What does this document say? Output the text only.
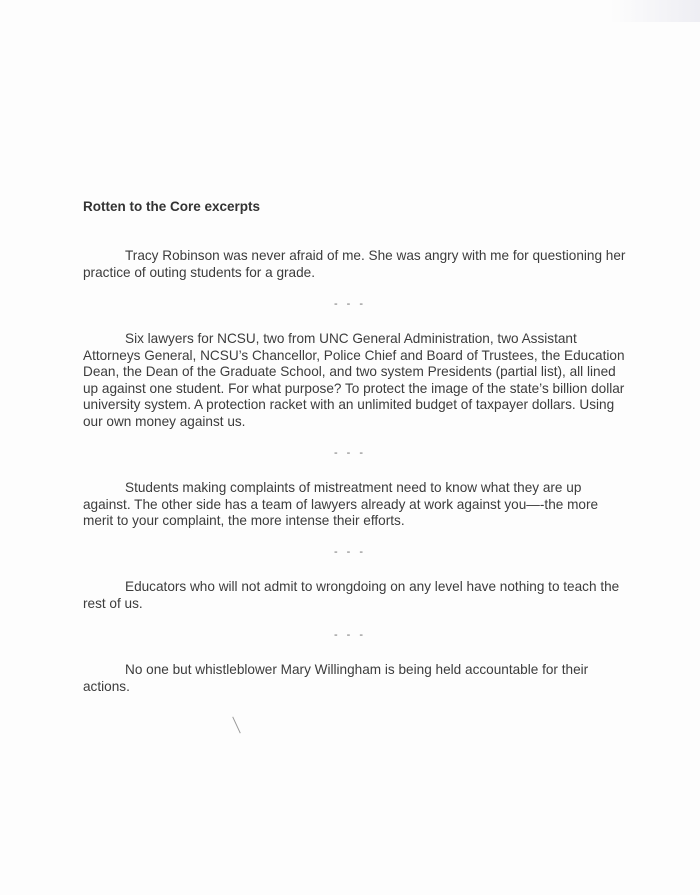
Rotten to the Core excerpts

Tracy Robinson was never afraid of me. She was angry with me for questioning her practice of outing students for a grade.

- - -

Six lawyers for NCSU, two from UNC General Administration, two Assistant Attorneys General, NCSU’s Chancellor, Police Chief and Board of Trustees, the Education Dean, the Dean of the Graduate School, and two system Presidents (partial list), all lined up against one student. For what purpose? To protect the image of the state’s billion dollar university system. A protection racket with an unlimited budget of taxpayer dollars. Using our own money against us.

- - -

Students making complaints of mistreatment need to know what they are up against. The other side has a team of lawyers already at work against you—-the more merit to your complaint, the more intense their efforts.

- - -

Educators who will not admit to wrongdoing on any level have nothing to teach the rest of us.

- - -

No one but whistleblower Mary Willingham is being held accountable for their actions.
